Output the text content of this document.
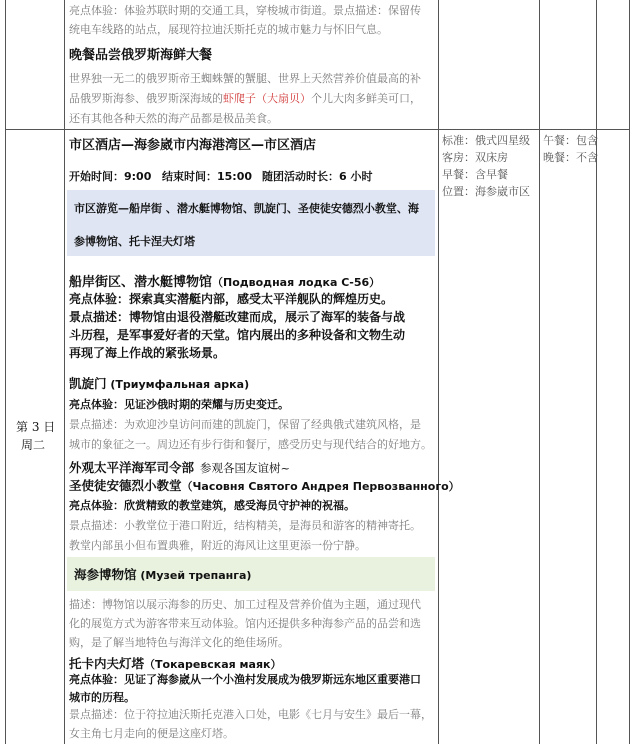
亮点体验：体验苏联时期的交通工具，穿梭城市街道。景点描述：保留传
统电车线路的站点，展现符拉迪沃斯托克的城市魅力与怀旧气息。
晚餐品尝俄罗斯海鲜大餐
世界独一无二的俄罗斯帝王蜘蛛蟹的蟹腿、世界上天然营养价值最高的补
品俄罗斯海参、俄罗斯深海域的虾爬子（大扇贝）个儿大肉多鲜美可口，
还有其他各种天然的海产品都是极品美食。
第 3 日
周二
市区酒店—海参崴市内海港湾区—市区酒店
开始时间：9:00 结束时间：15:00 随团活动时长：6 小时
市区游览—船岸街 、潜水艇博物馆、凯旋门、圣使徒安德烈小教堂、海
参博物馆、托卡涅夫灯塔
船岸街区、潜水艇博物馆（Подводная лодка С-56）
亮点体验：探索真实潜艇内部，感受太平洋舰队的辉煌历史。
景点描述：博物馆由退役潜艇改建而成，展示了海军的装备与战
斗历程，是军事爱好者的天堂。馆内展出的多种设备和文物生动
再现了海上作战的紧张场景。
凯旋门 (Триумфальная арка)
亮点体验：见证沙俄时期的荣耀与历史变迁。
景点描述：为欢迎沙皇访问而建的凯旋门，保留了经典俄式建筑风格，是
城市的象征之一。周边还有步行街和餐厅，感受历史与现代结合的好地方。
外观太平洋海军司令部 参观各国友谊树~
圣使徒安德烈小教堂（Часовня Святого Андрея Первозванного）
亮点体验：欣赏精致的教堂建筑，感受海员守护神的祝福。
景点描述：小教堂位于港口附近，结构精美，是海员和游客的精神寄托。
教堂内部虽小但布置典雅，附近的海风让这里更添一份宁静。
海参博物馆 (Музей трепанга)
描述：博物馆以展示海参的历史、加工过程及营养价值为主题，通过现代
化的展览方式为游客带来互动体验。馆内还提供多种海参产品的品尝和选
购，是了解当地特色与海洋文化的绝佳场所。
托卡内夫灯塔（Токаревская маяк）
亮点体验：见证了海参崴从一个小渔村发展成为俄罗斯远东地区重要港口
城市的历程。
景点描述：位于符拉迪沃斯托克港入口处，电影《七月与安生》最后一幕，
女主角七月走向的便是这座灯塔。
标准：俄式四星级
客房：双床房
早餐：含早餐
位置：海参崴市区
午餐：包含
晚餐：不含
